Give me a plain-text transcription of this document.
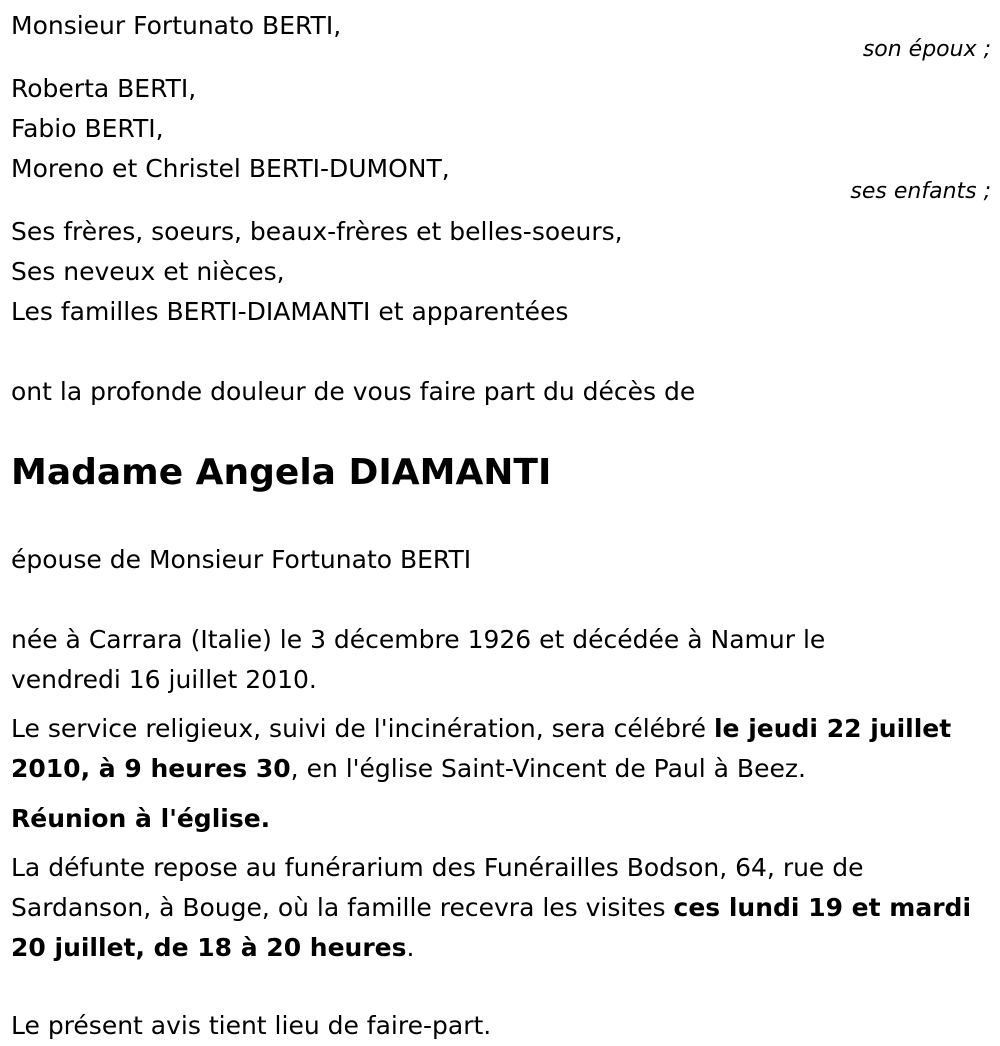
Monsieur Fortunato BERTI,
son époux ;
Roberta BERTI,
Fabio BERTI,
Moreno et Christel BERTI-DUMONT,
ses enfants ;
Ses frères, soeurs, beaux-frères et belles-soeurs,
Ses neveux et nièces,
Les familles BERTI-DIAMANTI et apparentées
ont la profonde douleur de vous faire part du décès de
Madame Angela DIAMANTI
épouse de Monsieur Fortunato BERTI
née à Carrara (Italie) le 3 décembre 1926 et décédée à Namur le
vendredi 16 juillet 2010.
Le service religieux, suivi de l'incinération, sera célébré le jeudi 22 juillet
2010, à 9 heures 30, en l'église Saint-Vincent de Paul à Beez.
Réunion à l'église.
La défunte repose au funérarium des Funérailles Bodson, 64, rue de
Sardanson, à Bouge, où la famille recevra les visites ces lundi 19 et mardi
20 juillet, de 18 à 20 heures.
Le présent avis tient lieu de faire-part.
